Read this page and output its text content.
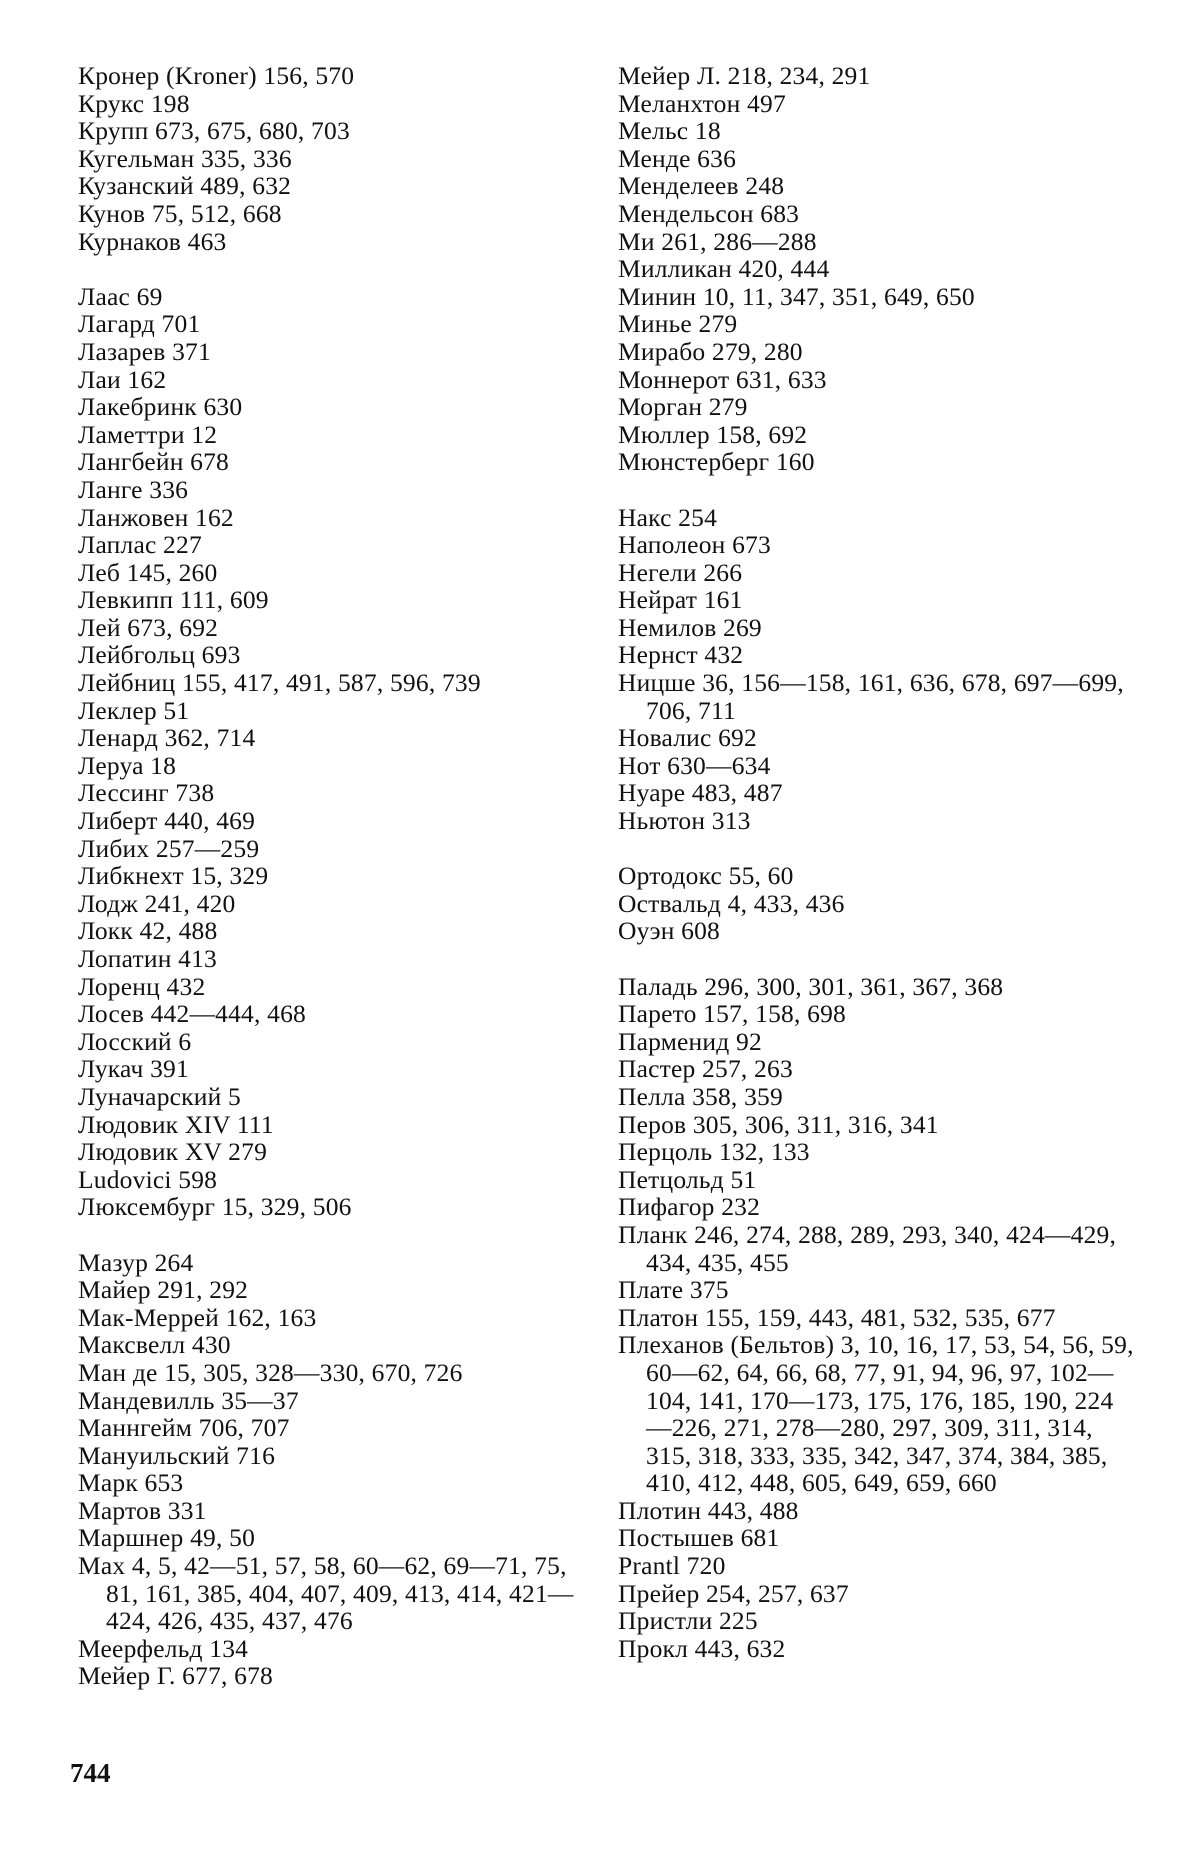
Кронер (Kroner) 156, 570
Крукс 198
Крупп 673, 675, 680, 703
Кугельман 335, 336
Кузанский 489, 632
Кунов 75, 512, 668
Курнаков 463
Лаас 69
Лагард 701
Лазарев 371
Лаи 162
Лакебринк 630
Ламеттри 12
Лангбейн 678
Ланге 336
Ланжовен 162
Лаплас 227
Леб 145, 260
Левкипп 111, 609
Лей 673, 692
Лейбгольц 693
Лейбниц 155, 417, 491, 587, 596, 739
Леклер 51
Ленард 362, 714
Леруа 18
Лессинг 738
Либерт 440, 469
Либих 257—259
Либкнехт 15, 329
Лодж 241, 420
Локк 42, 488
Лопатин 413
Лоренц 432
Лосев 442—444, 468
Лосский 6
Лукач 391
Луначарский 5
Людовик XIV 111
Людовик XV 279
Ludovici 598
Люксембург 15, 329, 506
Мазур 264
Майер 291, 292
Мак-Меррей 162, 163
Максвелл 430
Ман де 15, 305, 328—330, 670, 726
Мандевилль 35—37
Маннгейм 706, 707
Мануильский 716
Марк 653
Мартов 331
Маршнер 49, 50
Мах 4, 5, 42—51, 57, 58, 60—62, 69—71, 75, 81, 161, 385, 404, 407, 409, 413, 414, 421—424, 426, 435, 437, 476
Меерфельд 134
Мейер Г. 677, 678
Мейер Л. 218, 234, 291
Меланхтон 497
Мельс 18
Менде 636
Менделеев 248
Мендельсон 683
Ми 261, 286—288
Милликан 420, 444
Минин 10, 11, 347, 351, 649, 650
Минье 279
Мирабо 279, 280
Моннерот 631, 633
Морган 279
Мюллер 158, 692
Мюнстерберг 160
Накс 254
Наполеон 673
Негели 266
Нейрат 161
Немилов 269
Нернст 432
Ницше 36, 156—158, 161, 636, 678, 697—699, 706, 711
Новалис 692
Нот 630—634
Нуаре 483, 487
Ньютон 313
Ортодокс 55, 60
Оствальд 4, 433, 436
Оуэн 608
Паладь 296, 300, 301, 361, 367, 368
Парето 157, 158, 698
Парменид 92
Пастер 257, 263
Пелла 358, 359
Перов 305, 306, 311, 316, 341
Перцоль 132, 133
Петцольд 51
Пифагор 232
Планк 246, 274, 288, 289, 293, 340, 424—429, 434, 435, 455
Плате 375
Платон 155, 159, 443, 481, 532, 535, 677
Плеханов (Бельтов) 3, 10, 16, 17, 53, 54, 56, 59, 60—62, 64, 66, 68, 77, 91, 94, 96, 97, 102—104, 141, 170—173, 175, 176, 185, 190, 224—226, 271, 278—280, 297, 309, 311, 314, 315, 318, 333, 335, 342, 347, 374, 384, 385, 410, 412, 448, 605, 649, 659, 660
Плотин 443, 488
Постышев 681
Prantl 720
Прейер 254, 257, 637
Пристли 225
Прокл 443, 632
744
